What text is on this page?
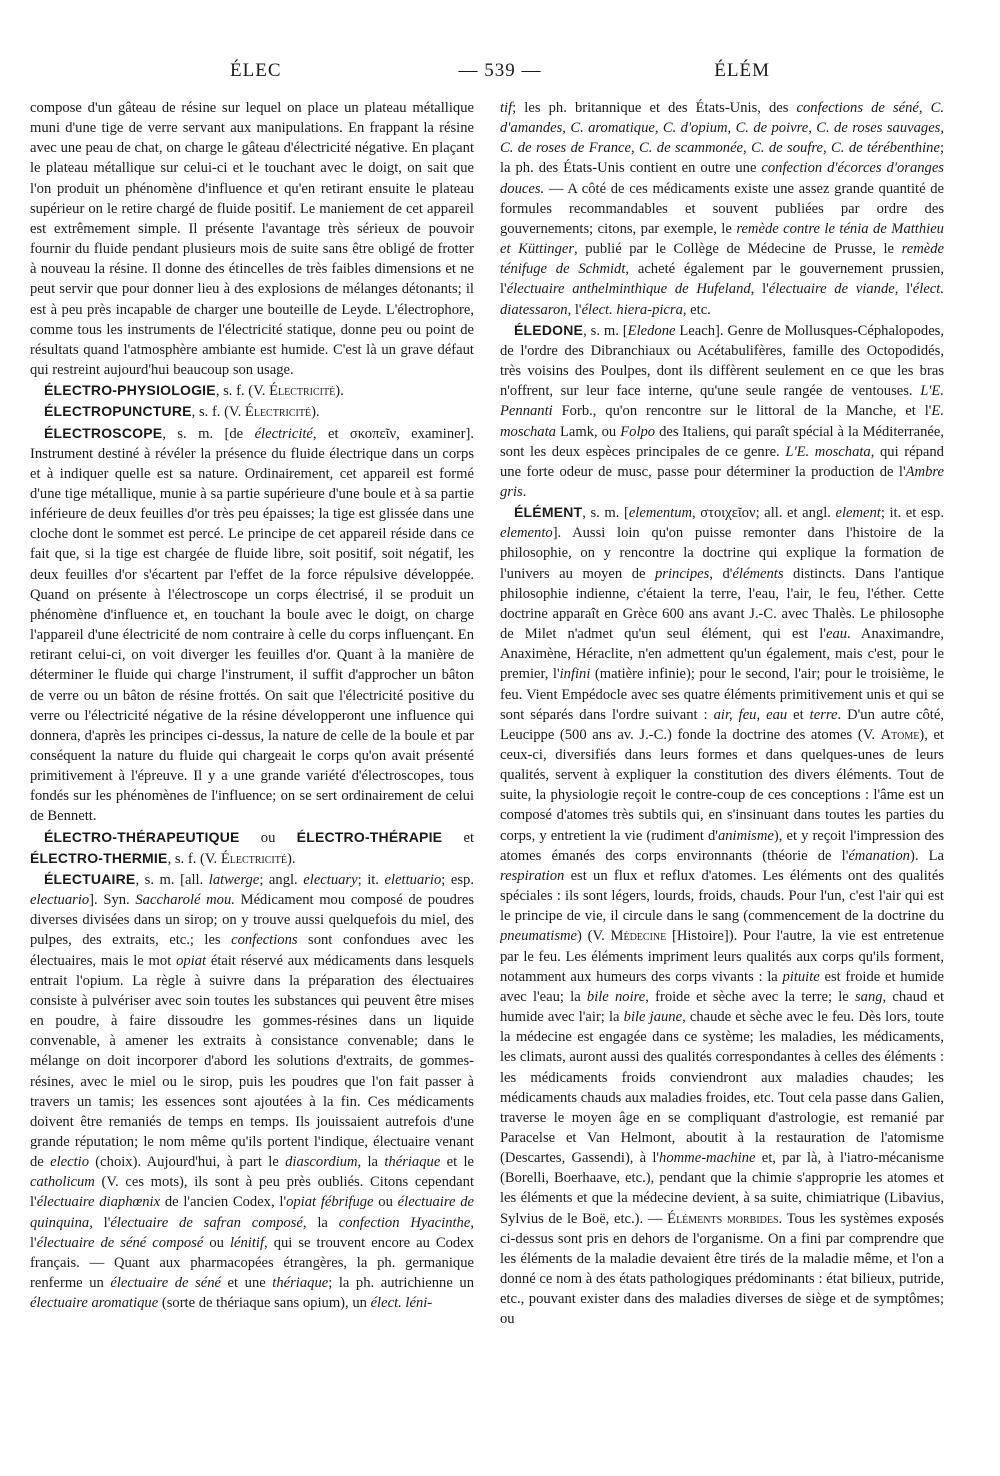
ÉLEC	— 539 —	ÉLÉM

compose d'un gâteau de résine sur lequel on place un plateau métallique muni d'une tige de verre servant aux manipulations. En frappant la résine avec une peau de chat, on charge le gâteau d'électricité négative. En plaçant le plateau métallique sur celui-ci et le touchant avec le doigt, on sait que l'on produit un phénomène d'influence et qu'en retirant ensuite le plateau supérieur on le retire chargé de fluide positif. Le maniement de cet appareil est extrêmement simple. Il présente l'avantage très sérieux de pouvoir fournir du fluide pendant plusieurs mois de suite sans être obligé de frotter à nouveau la résine. Il donne des étincelles de très faibles dimensions et ne peut servir que pour donner lieu à des explosions de mélanges détonants; il est à peu près incapable de charger une bouteille de Leyde. L'électrophore, comme tous les instruments de l'électricité statique, donne peu ou point de résultats quand l'atmosphère ambiante est humide. C'est là un grave défaut qui restreint aujourd'hui beaucoup son usage.

ÉLECTRO-PHYSIOLOGIE, s. f. (V. Électricité).

ÉLECTROPUNCTURE, s. f. (V. Électricité).

ÉLECTROSCOPE, s. m. [de électricité, et σκοπεῖν, examiner]. Instrument destiné à révéler la présence du fluide électrique dans un corps et à indiquer quelle est sa nature. Ordinairement, cet appareil est formé d'une tige métallique, munie à sa partie supérieure d'une boule et à sa partie inférieure de deux feuilles d'or très peu épaisses; la tige est glissée dans une cloche dont le sommet est percé. Le principe de cet appareil réside dans ce fait que, si la tige est chargée de fluide libre, soit positif, soit négatif, les deux feuilles d'or s'écartent par l'effet de la force répulsive développée. Quand on présente à l'électroscope un corps électrisé, il se produit un phénomène d'influence et, en touchant la boule avec le doigt, on charge l'appareil d'une électricité de nom contraire à celle du corps influençant. En retirant celui-ci, on voit diverger les feuilles d'or. Quant à la manière de déterminer le fluide qui charge l'instrument, il suffit d'approcher un bâton de verre ou un bâton de résine frottés. On sait que l'électricité positive du verre ou l'électricité négative de la résine développeront une influence qui donnera, d'après les principes ci-dessus, la nature de celle de la boule et par conséquent la nature du fluide qui chargeait le corps qu'on avait présenté primitivement à l'épreuve. Il y a une grande variété d'électroscopes, tous fondés sur les phénomènes de l'influence; on se sert ordinairement de celui de Bennett.

ÉLECTRO-THÉRAPEUTIQUE ou ÉLECTRO-THÉRAPIE et ÉLECTRO-THERMIE, s. f. (V. Électricité).

ÉLECTUAIRE, s. m. [all. latwerge; angl. electuary; it. elettuario; esp. electuario]. Syn. Saccharolé mou. Médicament mou composé de poudres diverses divisées dans un sirop; on y trouve aussi quelquefois du miel, des pulpes, des extraits, etc.; les confections sont confondues avec les électuaires, mais le mot opiat était réservé aux médicaments dans lesquels entrait l'opium. La règle à suivre dans la préparation des électuaires consiste à pulvériser avec soin toutes les substances qui peuvent être mises en poudre, à faire dissoudre les gommes-résines dans un liquide convenable, à amener les extraits à consistance convenable; dans le mélange on doit incorporer d'abord les solutions d'extraits, de gommes-résines, avec le miel ou le sirop, puis les poudres que l'on fait passer à travers un tamis; les essences sont ajoutées à la fin. Ces médicaments doivent être remaniés de temps en temps. Ils jouissaient autrefois d'une grande réputation; le nom même qu'ils portent l'indique, électuaire venant de electio (choix). Aujourd'hui, à part le diascordium, la thériaque et le catholicum (V. ces mots), ils sont à peu près oubliés. Citons cependant l'électuaire diaphœnix de l'ancien Codex, l'opiat fébrifuge ou électuaire de quinquina, l'électuaire de safran composé, la confection Hyacinthe, l'électuaire de séné composé ou lénitif, qui se trouvent encore au Codex français. — Quant aux pharmacopées étrangères, la ph. germanique renferme un électuaire de séné et une thériaque; la ph. autrichienne un électuaire aromatique (sorte de thériaque sans opium), un élect. léni-

tif; les ph. britannique et des États-Unis, des confections de séné, C. d'amandes, C. aromatique, C. d'opium, C. de poivre, C. de roses sauvages, C. de roses de France, C. de scammonée, C. de soufre, C. de térébenthine; la ph. des États-Unis contient en outre une confection d'écorces d'oranges douces. — A côté de ces médicaments existe une assez grande quantité de formules recommandables et souvent publiées par ordre des gouvernements; citons, par exemple, le remède contre le ténia de Matthieu et Küttinger, publié par le Collège de Médecine de Prusse, le remède ténifuge de Schmidt, acheté également par le gouvernement prussien, l'électuaire anthelminthique de Hufeland, l'électuaire de viande, l'élect. diatessaron, l'élect. hiera-picra, etc.

ÉLEDONE, s. m. [Eledone Leach]. Genre de Mollusques-Céphalopodes, de l'ordre des Dibranchiaux ou Acétabulifères, famille des Octopodidés, très voisins des Poulpes, dont ils diffèrent seulement en ce que les bras n'offrent, sur leur face interne, qu'une seule rangée de ventouses. L'E. Pennanti Forb., qu'on rencontre sur le littoral de la Manche, et l'E. moschata Lamk, ou Folpo des Italiens, qui paraît spécial à la Méditerranée, sont les deux espèces principales de ce genre. L'E. moschata, qui répand une forte odeur de musc, passe pour déterminer la production de l'Ambre gris.

ÉLÉMENT, s. m. [elementum, στοιχεῖον; all. et angl. element; it. et esp. elemento]. Aussi loin qu'on puisse remonter dans l'histoire de la philosophie, on y rencontre la doctrine qui explique la formation de l'univers au moyen de principes, d'éléments distincts. Dans l'antique philosophie indienne, c'étaient la terre, l'eau, l'air, le feu, l'éther. Cette doctrine apparaît en Grèce 600 ans avant J.-C. avec Thalès. Le philosophe de Milet n'admet qu'un seul élément, qui est l'eau. Anaximandre, Anaximène, Héraclite, n'en admettent qu'un également, mais c'est, pour le premier, l'infini (matière infinie); pour le second, l'air; pour le troisième, le feu. Vient Empédocle avec ses quatre éléments primitivement unis et qui se sont séparés dans l'ordre suivant : air, feu, eau et terre. D'un autre côté, Leucippe (500 ans av. J.-C.) fonde la doctrine des atomes (V. Atome), et ceux-ci, diversifiés dans leurs formes et dans quelques-unes de leurs qualités, servent à expliquer la constitution des divers éléments. Tout de suite, la physiologie reçoit le contre-coup de ces conceptions : l'âme est un composé d'atomes très subtils qui, en s'insinuant dans toutes les parties du corps, y entretient la vie (rudiment d'animisme), et y reçoit l'impression des atomes émanés des corps environnants (théorie de l'émanation). La respiration est un flux et reflux d'atomes. Les éléments ont des qualités spéciales : ils sont légers, lourds, froids, chauds. Pour l'un, c'est l'air qui est le principe de vie, il circule dans le sang (commencement de la doctrine du pneumatisme) (V. Médecine [Histoire]). Pour l'autre, la vie est entretenue par le feu. Les éléments impriment leurs qualités aux corps qu'ils forment, notamment aux humeurs des corps vivants : la pituite est froide et humide avec l'eau; la bile noire, froide et sèche avec la terre; le sang, chaud et humide avec l'air; la bile jaune, chaude et sèche avec le feu. Dès lors, toute la médecine est engagée dans ce système; les maladies, les médicaments, les climats, auront aussi des qualités correspondantes à celles des éléments : les médicaments froids conviendront aux maladies chaudes; les médicaments chauds aux maladies froides, etc. Tout cela passe dans Galien, traverse le moyen âge en se compliquant d'astrologie, est remanié par Paracelse et Van Helmont, aboutit à la restauration de l'atomisme (Descartes, Gassendi), à l'homme-machine et, par là, à l'iatro-mécanisme (Borelli, Boerhaave, etc.), pendant que la chimie s'approprie les atomes et les éléments et que la médecine devient, à sa suite, chimiatrique (Libavius, Sylvius de le Boë, etc.). — Éléments morbides. Tous les systèmes exposés ci-dessus sont pris en dehors de l'organisme. On a fini par comprendre que les éléments de la maladie devaient être tirés de la maladie même, et l'on a donné ce nom à des états pathologiques prédominants : état bilieux, putride, etc., pouvant exister dans des maladies diverses de siège et de symptômes; ou
